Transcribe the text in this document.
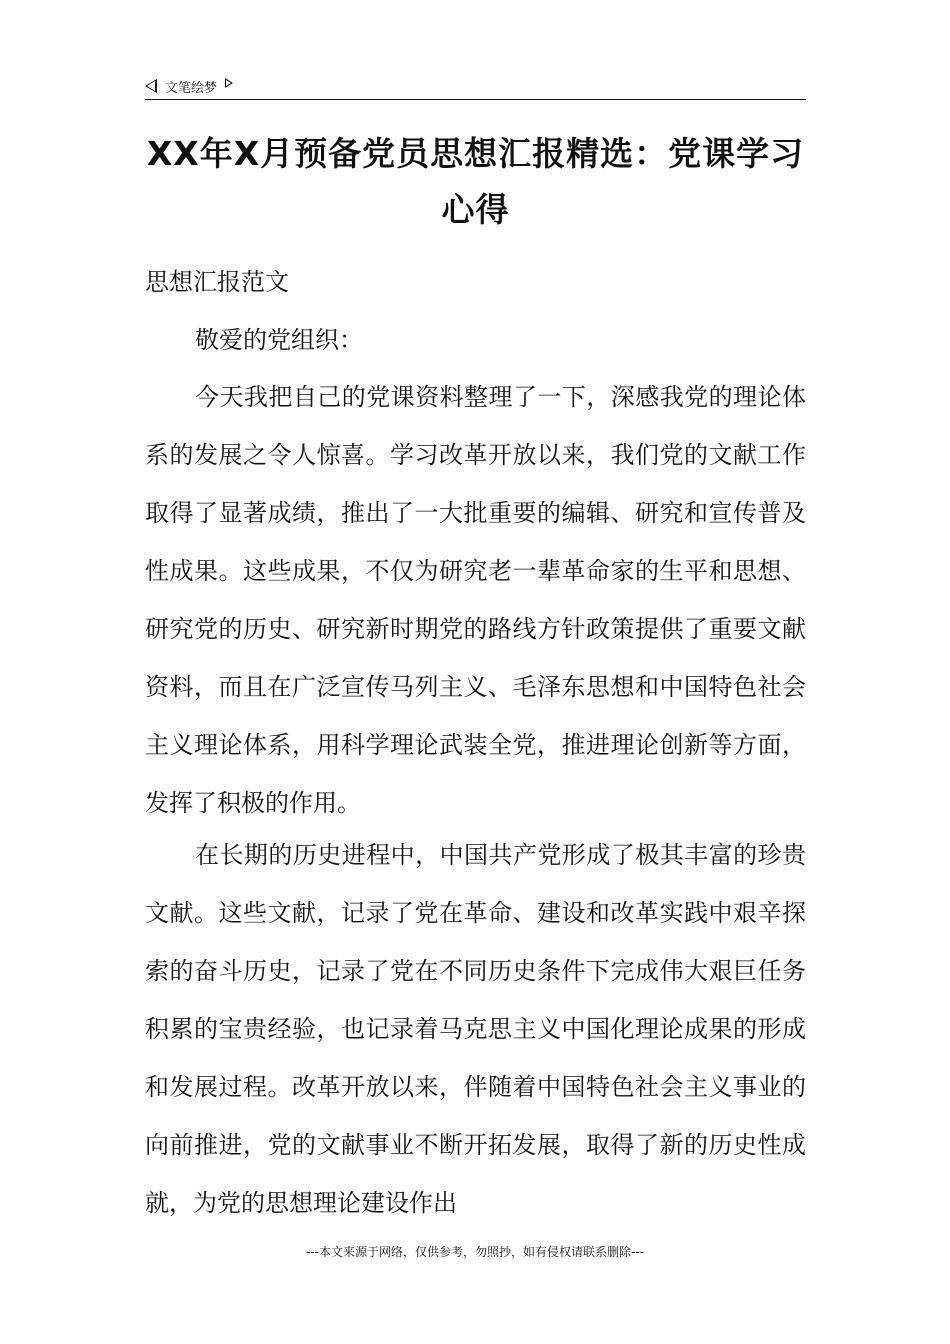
文笔绘梦
XX年X月预备党员思想汇报精选：党课学习心得
思想汇报范文
敬爱的党组织：
今天我把自己的党课资料整理了一下，深感我党的理论体系的发展之令人惊喜。学习改革开放以来，我们党的文献工作取得了显著成绩，推出了一大批重要的编辑、研究和宣传普及性成果。这些成果，不仅为研究老一辈革命家的生平和思想、研究党的历史、研究新时期党的路线方针政策提供了重要文献资料，而且在广泛宣传马列主义、毛泽东思想和中国特色社会主义理论体系，用科学理论武装全党，推进理论创新等方面，发挥了积极的作用。
在长期的历史进程中，中国共产党形成了极其丰富的珍贵文献。这些文献，记录了党在革命、建设和改革实践中艰辛探索的奋斗历史，记录了党在不同历史条件下完成伟大艰巨任务积累的宝贵经验，也记录着马克思主义中国化理论成果的形成和发展过程。改革开放以来，伴随着中国特色社会主义事业的向前推进，党的文献事业不断开拓发展，取得了新的历史性成就，为党的思想理论建设作出
---本文来源于网络，仅供参考，勿照抄，如有侵权请联系删除---
